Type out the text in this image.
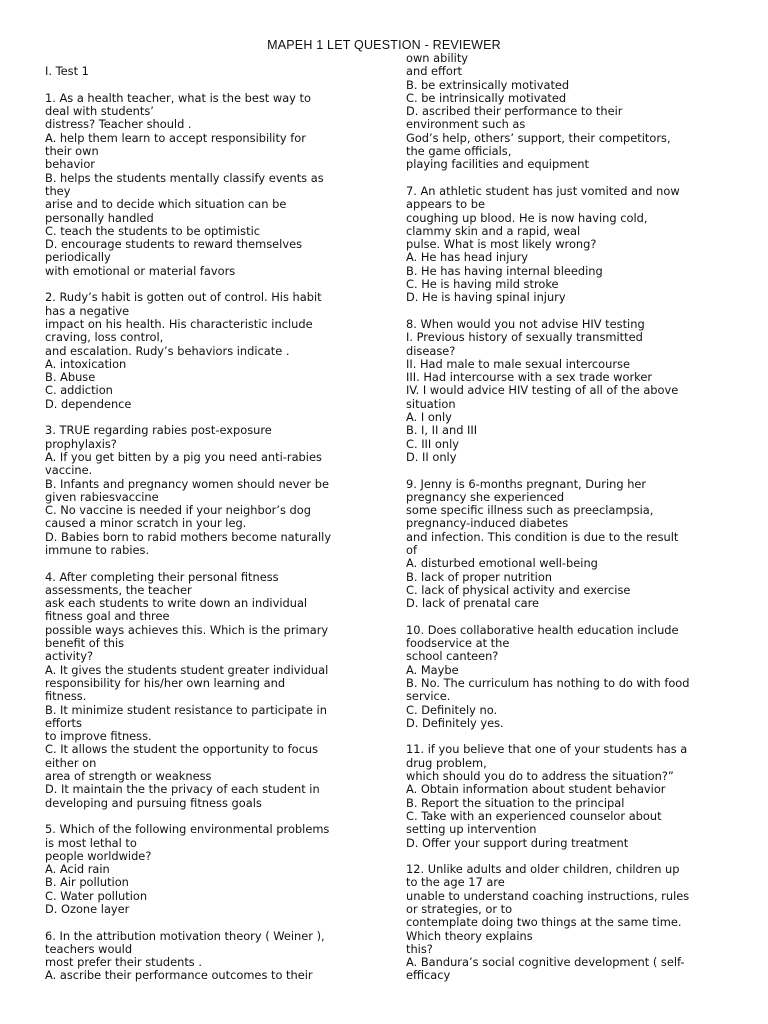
MAPEH 1 LET QUESTION - REVIEWER
I. Test 1
1. As a health teacher, what is the best way to
deal with students’
distress? Teacher should .
A. help them learn to accept responsibility for
their own
behavior
B. helps the students mentally classify events as
they
arise and to decide which situation can be
personally handled
C. teach the students to be optimistic
D. encourage students to reward themselves
periodically
with emotional or material favors
2. Rudy’s habit is gotten out of control. His habit
has a negative
impact on his health. His characteristic include
craving, loss control,
and escalation. Rudy’s behaviors indicate .
A. intoxication
B. Abuse
C. addiction
D. dependence
3. TRUE regarding rabies post-exposure
prophylaxis?
A. If you get bitten by a pig you need anti-rabies
vaccine.
B. Infants and pregnancy women should never be
given rabiesvaccine
C. No vaccine is needed if your neighbor’s dog
caused a minor scratch in your leg.
D. Babies born to rabid mothers become naturally
immune to rabies.
4. After completing their personal fitness
assessments, the teacher
ask each students to write down an individual
fitness goal and three
possible ways achieves this. Which is the primary
benefit of this
activity?
A. It gives the students student greater individual
responsibility for his/her own learning and
fitness.
B. It minimize student resistance to participate in
efforts
to improve fitness.
C. It allows the student the opportunity to focus
either on
area of strength or weakness
D. It maintain the the privacy of each student in
developing and pursuing fitness goals
5. Which of the following environmental problems
is most lethal to
people worldwide?
A. Acid rain
B. Air pollution
C. Water pollution
D. Ozone layer
6. In the attribution motivation theory ( Weiner ),
teachers would
most prefer their students .
A. ascribe their performance outcomes to their
own ability
and effort
B. be extrinsically motivated
C. be intrinsically motivated
D. ascribed their performance to their
environment such as
God’s help, others’ support, their competitors,
the game officials,
playing facilities and equipment
7. An athletic student has just vomited and now
appears to be
coughing up blood. He is now having cold,
clammy skin and a rapid, weal
pulse. What is most likely wrong?
A. He has head injury
B. He has having internal bleeding
C. He is having mild stroke
D. He is having spinal injury
8. When would you not advise HIV testing
I. Previous history of sexually transmitted
disease?
II. Had male to male sexual intercourse
III. Had intercourse with a sex trade worker
IV. I would advice HIV testing of all of the above
situation
A. I only
B. I, II and III
C. III only
D. II only
9. Jenny is 6-months pregnant, During her
pregnancy she experienced
some specific illness such as preeclampsia,
pregnancy-induced diabetes
and infection. This condition is due to the result
of
A. disturbed emotional well-being
B. lack of proper nutrition
C. lack of physical activity and exercise
D. lack of prenatal care
10. Does collaborative health education include
foodservice at the
school canteen?
A. Maybe
B. No. The curriculum has nothing to do with food
service.
C. Definitely no.
D. Definitely yes.
11. if you believe that one of your students has a
drug problem,
which should you do to address the situation?”
A. Obtain information about student behavior
B. Report the situation to the principal
C. Take with an experienced counselor about
setting up intervention
D. Offer your support during treatment
12. Unlike adults and older children, children up
to the age 17 are
unable to understand coaching instructions, rules
or strategies, or to
contemplate doing two things at the same time.
Which theory explains
this?
A. Bandura’s social cognitive development ( self-
efficacy
